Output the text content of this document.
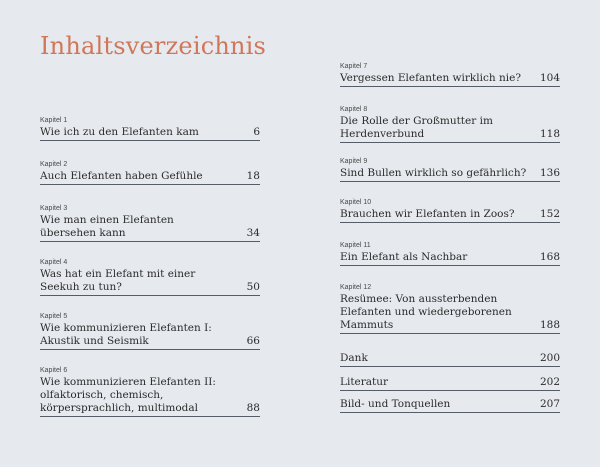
Inhaltsverzeichnis
Kapitel 1
Wie ich zu den Elefanten kam	6
Kapitel 2
Auch Elefanten haben Gefühle	18
Kapitel 3
Wie man einen Elefanten
übersehen kann	34
Kapitel 4
Was hat ein Elefant mit einer
Seekuh zu tun?	50
Kapitel 5
Wie kommunizieren Elefanten I:
Akustik und Seismik	66
Kapitel 6
Wie kommunizieren Elefanten II:
olfaktorisch, chemisch,
körpersprachlich, multimodal	88
Kapitel 7
Vergessen Elefanten wirklich nie?	104
Kapitel 8
Die Rolle der Großmutter im
Herdenverbund	118
Kapitel 9
Sind Bullen wirklich so gefährlich?	136
Kapitel 10
Brauchen wir Elefanten in Zoos?	152
Kapitel 11
Ein Elefant als Nachbar	168
Kapitel 12
Resümee: Von aussterbenden
Elefanten und wiedergeborenen
Mammuts	188
Dank	200
Literatur	202
Bild- und Tonquellen	207
